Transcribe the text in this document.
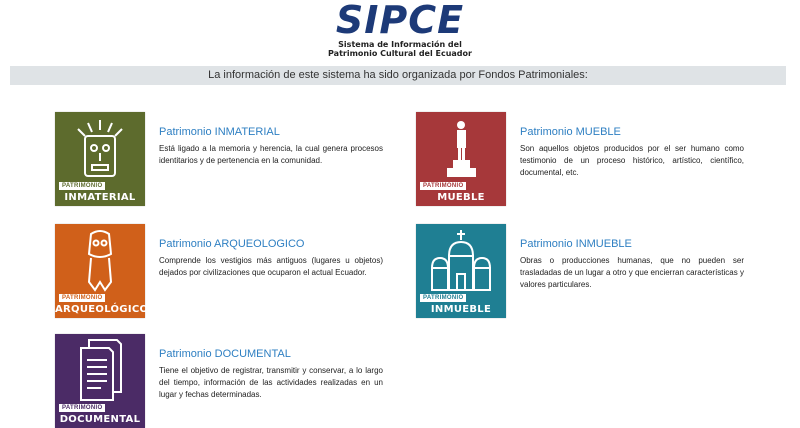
SIPCE
Sistema de Información del
Patrimonio Cultural del Ecuador
La información de este sistema ha sido organizada por Fondos Patrimoniales:
PATRIMONIO
INMATERIAL
Patrimonio INMATERIAL
Está ligado a la memoria y herencia, la cual genera procesos identitarios y de pertenencia en la comunidad.
PATRIMONIO
MUEBLE
Patrimonio MUEBLE
Son aquellos objetos producidos por el ser humano como testimonio de un proceso histórico, artístico, científico, documental, etc.
PATRIMONIO
ARQUEOLÓGICO
Patrimonio ARQUEOLOGICO
Comprende los vestigios más antiguos (lugares u objetos) dejados por civilizaciones que ocuparon el actual Ecuador.
PATRIMONIO
INMUEBLE
Patrimonio INMUEBLE
Obras o producciones humanas, que no pueden ser trasladadas de un lugar a otro y que encierran características y valores particulares.
PATRIMONIO
DOCUMENTAL
Patrimonio DOCUMENTAL
Tiene el objetivo de registrar, transmitir y conservar, a lo largo del tiempo, información de las actividades realizadas en un lugar y fechas determinadas.
